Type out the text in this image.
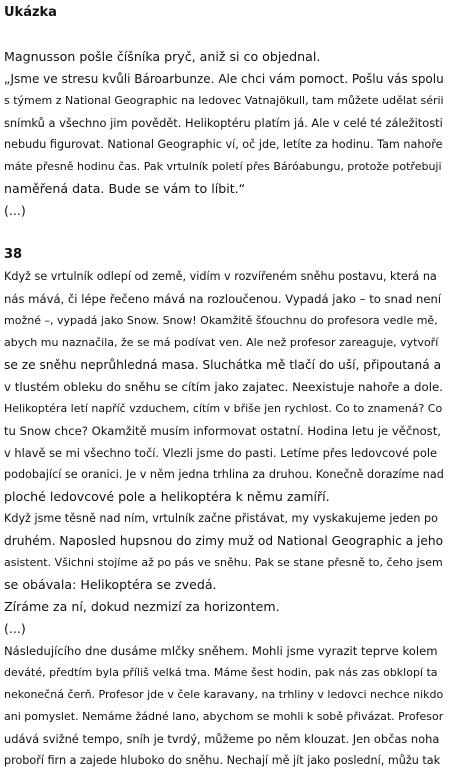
Ukázka
Magnusson pošle číšníka pryč, aniž si co objednal.
„Jsme ve stresu kvůli Bároarbunze. Ale chci vám pomoct. Pošlu vás spolu
s týmem z National Geographic na ledovec Vatnajökull, tam můžete udělat sérii
snímků a všechno jim povědět. Helikoptéru platím já. Ale v celé té záležitosti
nebudu figurovat. National Geographic ví, oč jde, letíte za hodinu. Tam nahoře
máte přesně hodinu čas. Pak vrtulník poletí přes Báróabungu, protože potřebuji
naměřená data. Bude se vám to líbit.“
(...)
38
Když se vrtulník odlepí od země, vidím v rozvířeném sněhu postavu, která na
nás mává, či lépe řečeno mává na rozloučenou. Vypadá jako – to snad není
možné –, vypadá jako Snow. Snow! Okamžitě šťouchnu do profesora vedle mě,
abych mu naznačila, že se má podívat ven. Ale než profesor zareaguje, vytvoří
se ze sněhu neprůhledná masa. Sluchátka mě tlačí do uší, připoutaná a
v tlustém obleku do sněhu se cítím jako zajatec. Neexistuje nahoře a dole.
Helikoptéra letí napříč vzduchem, cítím v břiše jen rychlost. Co to znamená? Co
tu Snow chce? Okamžitě musím informovat ostatní. Hodina letu je věčnost,
v hlavě se mi všechno točí. Vlezli jsme do pasti. Letíme přes ledovcové pole
podobající se oranici. Je v něm jedna trhlina za druhou. Konečně dorazíme nad
ploché ledovcové pole a helikoptéra k němu zamíří.
Když jsme těsně nad ním, vrtulník začne přistávat, my vyskakujeme jeden po
druhém. Naposled hupsnou do zimy muž od National Geographic a jeho
asistent. Všichni stojíme až po pás ve sněhu. Pak se stane přesně to, čeho jsem
se obávala: Helikoptéra se zvedá.
Zíráme za ní, dokud nezmizí za horizontem.
(...)
Následujícího dne dusáme mlčky sněhem. Mohli jsme vyrazit teprve kolem
deváté, předtím byla příliš velká tma. Máme šest hodin, pak nás zas obklopí ta
nekonečná čerň. Profesor jde v čele karavany, na trhliny v ledovci nechce nikdo
ani pomyslet. Nemáme žádné lano, abychom se mohli k sobě přivázat. Profesor
udává svižné tempo, sníh je tvrdý, můžeme po něm klouzat. Jen občas noha
proboří firn a zajede hluboko do sněhu. Nechají mě jít jako poslední, můžu tak
